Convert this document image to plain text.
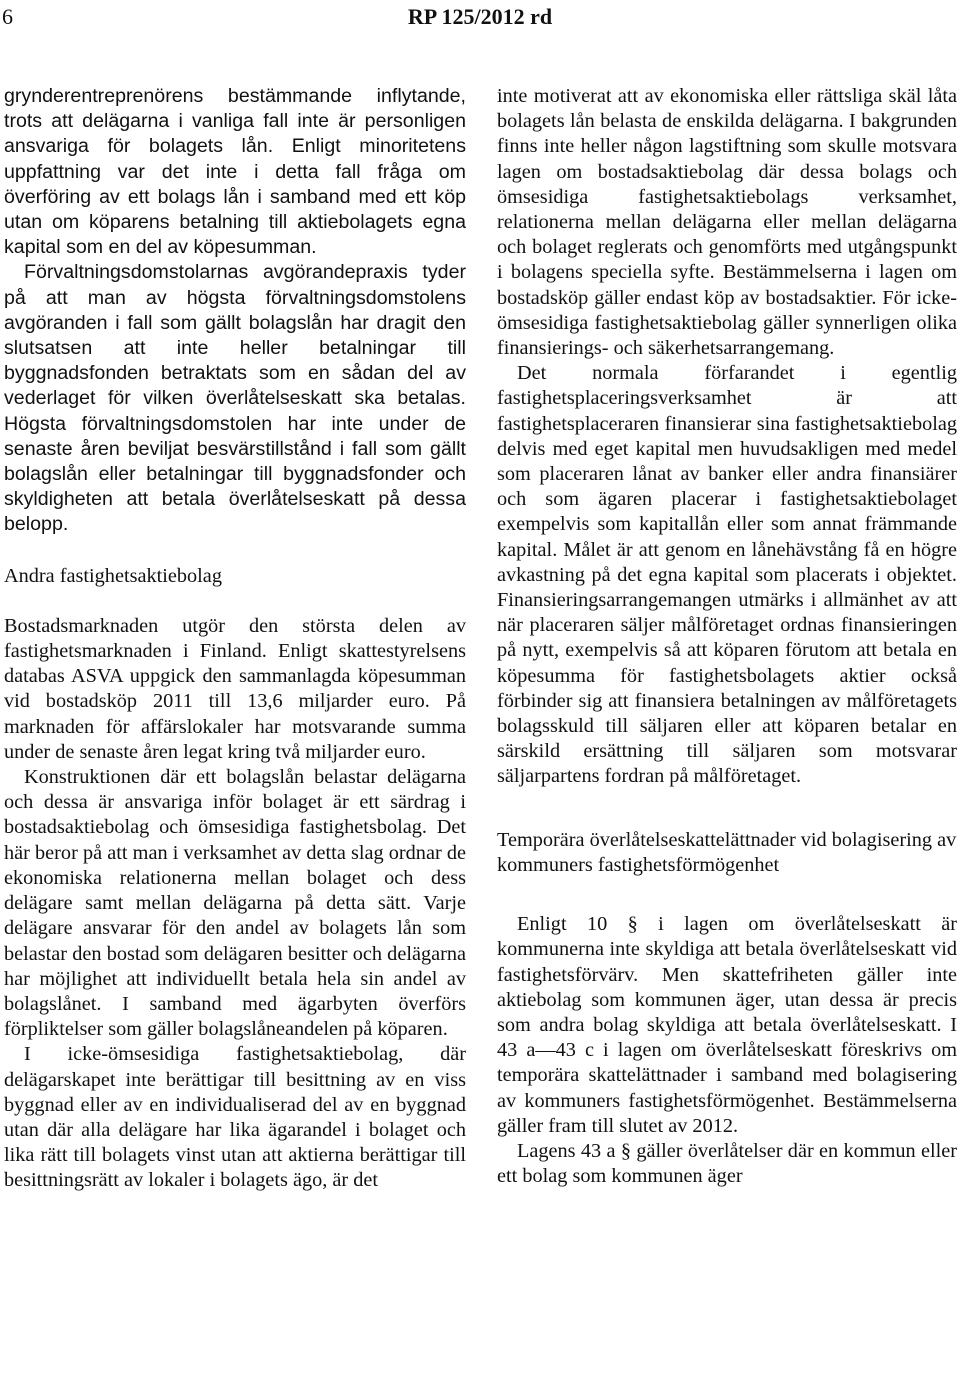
6	RP 125/2012 rd

grynderentreprenörens bestämmande inflytande, trots att delägarna i vanliga fall inte är personligen ansvariga för bolagets lån. Enligt minoritetens uppfattning var det inte i detta fall fråga om överföring av ett bolags lån i samband med ett köp utan om köparens betalning till aktiebolagets egna kapital som en del av köpesumman.

Förvaltningsdomstolarnas avgörandepraxis tyder på att man av högsta förvaltningsdomstolens avgöranden i fall som gällt bolagslån har dragit den slutsatsen att inte heller betalningar till byggnadsfonden betraktats som en sådan del av vederlaget för vilken överlåtelseskatt ska betalas. Högsta förvaltningsdomstolen har inte under de senaste åren beviljat besvärstillstånd i fall som gällt bolagslån eller betalningar till byggnadsfonder och skyldigheten att betala överlåtelseskatt på dessa belopp.

Andra fastighetsaktiebolag

Bostadsmarknaden utgör den största delen av fastighetsmarknaden i Finland. Enligt skattestyrelsens databas ASVA uppgick den sammanlagda köpesumman vid bostadsköp 2011 till 13,6 miljarder euro. På marknaden för affärslokaler har motsvarande summa under de senaste åren legat kring två miljarder euro.

Konstruktionen där ett bolagslån belastar delägarna och dessa är ansvariga inför bolaget är ett särdrag i bostadsaktiebolag och ömsesidiga fastighetsbolag. Det här beror på att man i verksamhet av detta slag ordnar de ekonomiska relationerna mellan bolaget och dess delägare samt mellan delägarna på detta sätt. Varje delägare ansvarar för den andel av bolagets lån som belastar den bostad som delägaren besitter och delägarna har möjlighet att individuellt betala hela sin andel av bolagslånet. I samband med ägarbyten överförs förpliktelser som gäller bolagslåneandelen på köparen.

I icke-ömsesidiga fastighetsaktiebolag, där delägarskapet inte berättigar till besittning av en viss byggnad eller av en individualiserad del av en byggnad utan där alla delägare har lika ägarandel i bolaget och lika rätt till bolagets vinst utan att aktierna berättigar till besittningsrätt av lokaler i bolagets ägo, är det

inte motiverat att av ekonomiska eller rättsliga skäl låta bolagets lån belasta de enskilda delägarna. I bakgrunden finns inte heller någon lagstiftning som skulle motsvara lagen om bostadsaktiebolag där dessa bolags och ömsesidiga fastighetsaktiebolags verksamhet, relationerna mellan delägarna eller mellan delägarna och bolaget reglerats och genomförts med utgångspunkt i bolagens speciella syfte. Bestämmelserna i lagen om bostadsköp gäller endast köp av bostadsaktier. För icke-ömsesidiga fastighetsaktiebolag gäller synnerligen olika finansierings- och säkerhetsarrangemang.

Det normala förfarandet i egentlig fastighetsplaceringsverksamhet är att fastighetsplaceraren finansierar sina fastighetsaktiebolag delvis med eget kapital men huvudsakligen med medel som placeraren lånat av banker eller andra finansiärer och som ägaren placerar i fastighetsaktiebolaget exempelvis som kapitallån eller som annat främmande kapital. Målet är att genom en lånehävstång få en högre avkastning på det egna kapital som placerats i objektet. Finansieringsarrangemangen utmärks i allmänhet av att när placeraren säljer målföretaget ordnas finansieringen på nytt, exempelvis så att köparen förutom att betala en köpesumma för fastighetsbolagets aktier också förbinder sig att finansiera betalningen av målföretagets bolagsskuld till säljaren eller att köparen betalar en särskild ersättning till säljaren som motsvarar säljarpartens fordran på målföretaget.

Temporära överlåtelseskattelättnader vid bolagisering av kommuners fastighetsförmögenhet

Enligt 10 § i lagen om överlåtelseskatt är kommunerna inte skyldiga att betala överlåtelseskatt vid fastighetsförvärv. Men skattefriheten gäller inte aktiebolag som kommunen äger, utan dessa är precis som andra bolag skyldiga att betala överlåtelseskatt. I 43 a—43 c i lagen om överlåtelseskatt föreskrivs om temporära skattelättnader i samband med bolagisering av kommuners fastighetsförmögenhet. Bestämmelserna gäller fram till slutet av 2012.

Lagens 43 a § gäller överlåtelser där en kommun eller ett bolag som kommunen äger
